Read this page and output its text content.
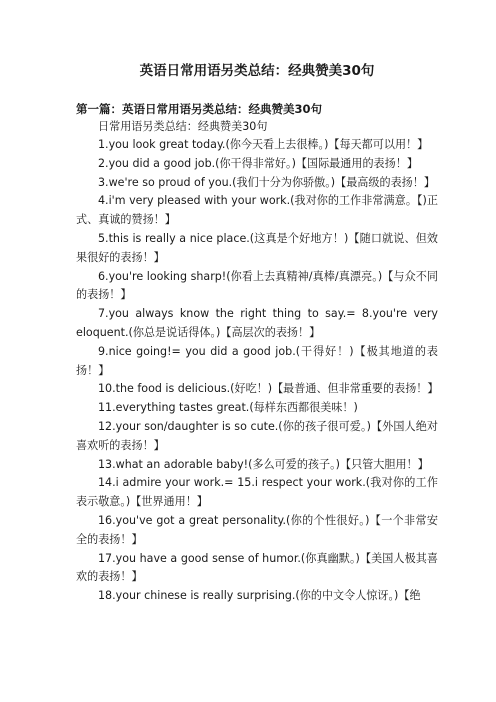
英语日常用语另类总结：经典赞美30句
第一篇：英语日常用语另类总结：经典赞美30句

日常用语另类总结：经典赞美30句

1.you look great today.(你今天看上去很棒。)【每天都可以用！】

2.you did a good job.(你干得非常好。)【国际最通用的表扬！】

3.we're so proud of you.(我们十分为你骄傲。)【最高级的表扬！】

4.i'm very pleased with your work.(我对你的工作非常满意。【)正式、真诚的赞扬！】

5.this is really a nice place.(这真是个好地方！)【随口就说、但效果很好的表扬！】

6.you're looking sharp!(你看上去真精神/真棒/真漂亮。)【与众不同的表扬！】

7.you always know the right thing to say.= 8.you're very eloquent.(你总是说话得体。)【高层次的表扬！】

9.nice going!= you did a good job.(干得好！)【极其地道的表扬！】

10.the food is delicious.(好吃！)【最普通、但非常重要的表扬！】

11.everything tastes great.(每样东西都很美味！)

12.your son/daughter is so cute.(你的孩子很可爱。)【外国人绝对喜欢听的表扬！】

13.what an adorable baby!(多么可爱的孩子。)【只管大胆用！】

14.i admire your work.= 15.i respect your work.(我对你的工作表示敬意。)【世界通用！】

16.you've got a great personality.(你的个性很好。)【一个非常安全的表扬！】

17.you have a good sense of humor.(你真幽默。)【美国人极其喜欢的表扬！】

18.your chinese is really surprising.(你的中文令人惊讶。)【绝
